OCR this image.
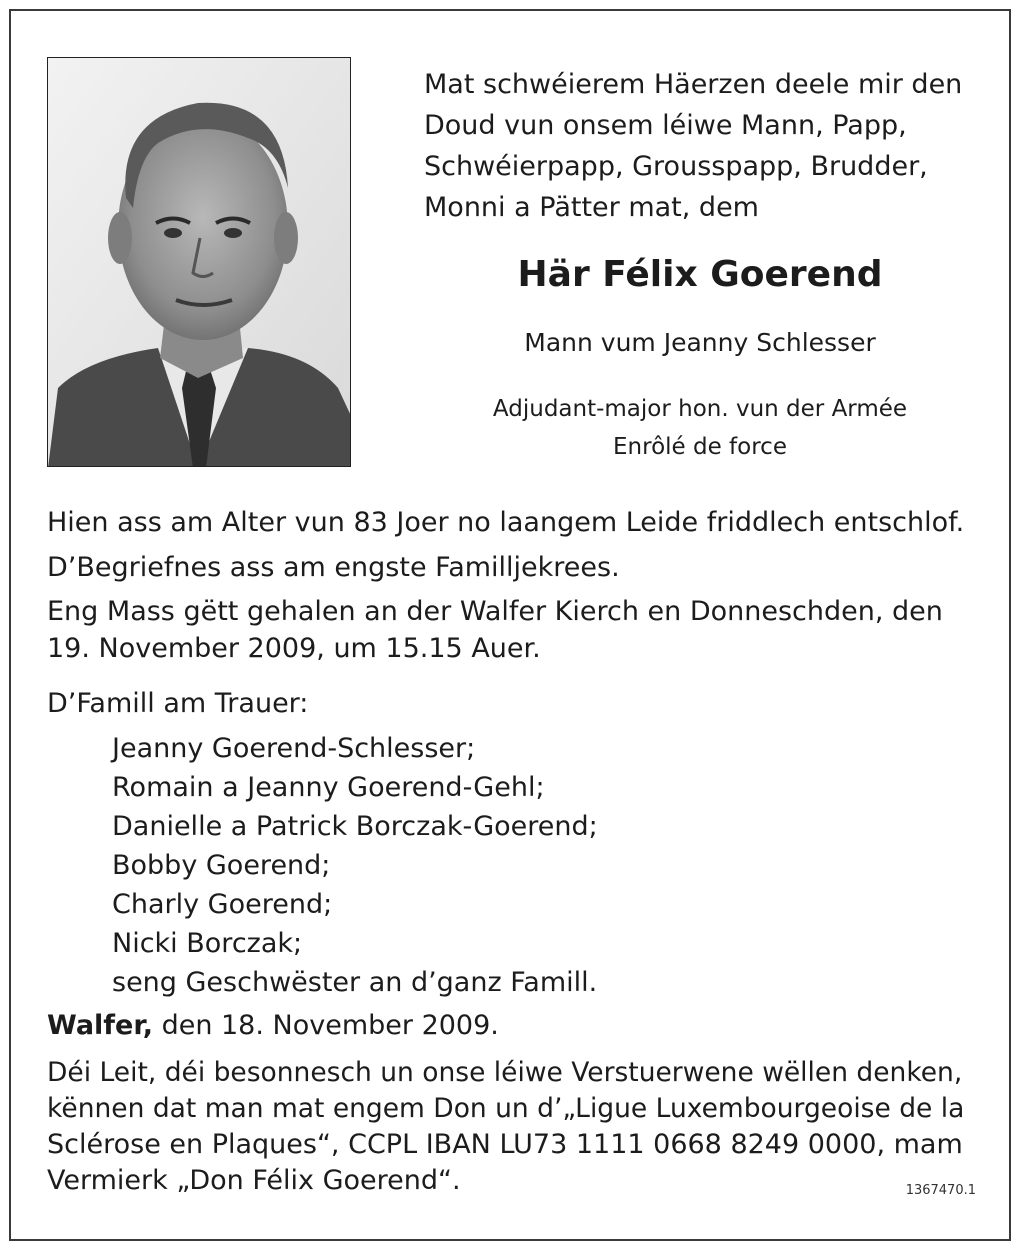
Mat schwéierem Häerzen deele mir den
Doud vun onsem léiwe Mann, Papp,
Schwéierpapp, Grousspapp, Brudder,
Monni a Pätter mat, dem
Här Félix Goerend
Mann vum Jeanny Schlesser
Adjudant-major hon. vun der Armée
Enrôlé de force
Hien ass am Alter vun 83 Joer no laangem Leide friddlech entschlof.
D’Begriefnes ass am engste Familljekrees.
Eng Mass gëtt gehalen an der Walfer Kierch en Donneschden, den
19. November 2009, um 15.15 Auer.
D’Famill am Trauer:
Jeanny Goerend-Schlesser;
Romain a Jeanny Goerend-Gehl;
Danielle a Patrick Borczak-Goerend;
Bobby Goerend;
Charly Goerend;
Nicki Borczak;
seng Geschwëster an d’ganz Famill.
Walfer, den 18. November 2009.
Déi Leit, déi besonnesch un onse léiwe Verstuerwene wëllen denken,
kënnen dat man mat engem Don un d’„Ligue Luxembourgeoise de la
Sclérose en Plaques“, CCPL IBAN LU73 1111 0668 8249 0000, mam
Vermierk „Don Félix Goerend“.	1367470.1
